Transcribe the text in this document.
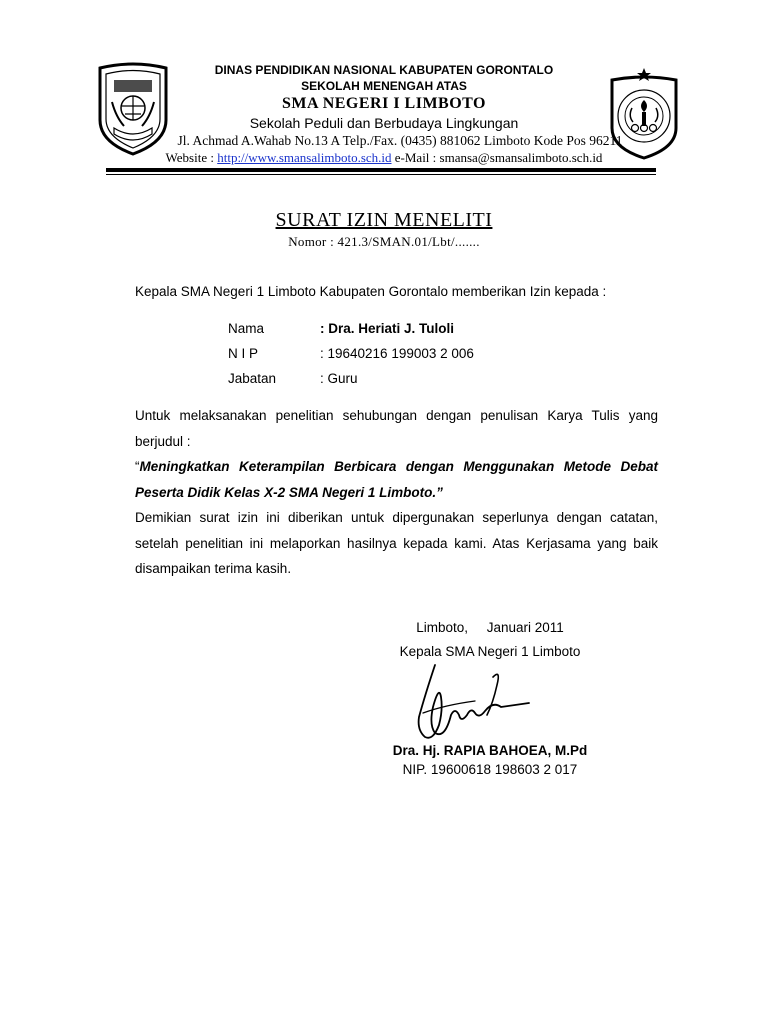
DINAS PENDIDIKAN NASIONAL KABUPATEN GORONTALO
SEKOLAH MENENGAH ATAS
SMA NEGERI I LIMBOTO
Sekolah Peduli dan Berbudaya Lingkungan
Jl. Achmad A.Wahab No.13 A Telp./Fax. (0435) 881062 Limboto Kode Pos 96211
Website : http://www.smansalimboto.sch.id e-Mail : smansa@smansalimboto.sch.id
SURAT IZIN MENELITI
Nomor : 421.3/SMAN.01/Lbt/.......
Kepala SMA Negeri 1 Limboto Kabupaten Gorontalo memberikan Izin kepada :
Nama	: Dra. Heriati J. Tuloli
N I P	: 19640216 199003 2 006
Jabatan	: Guru
Untuk melaksanakan penelitian sehubungan dengan penulisan Karya Tulis yang berjudul :
“Meningkatkan Keterampilan Berbicara dengan Menggunakan Metode Debat Peserta Didik Kelas X-2 SMA Negeri 1 Limboto.”
Demikian surat izin ini diberikan untuk dipergunakan seperlunya dengan catatan, setelah penelitian ini melaporkan hasilnya kepada kami. Atas Kerjasama yang baik disampaikan terima kasih.
Limboto,     Januari 2011
Kepala SMA Negeri 1 Limboto
Dra. Hj. RAPIA BAHOEA, M.Pd
NIP. 19600618 198603 2 017
